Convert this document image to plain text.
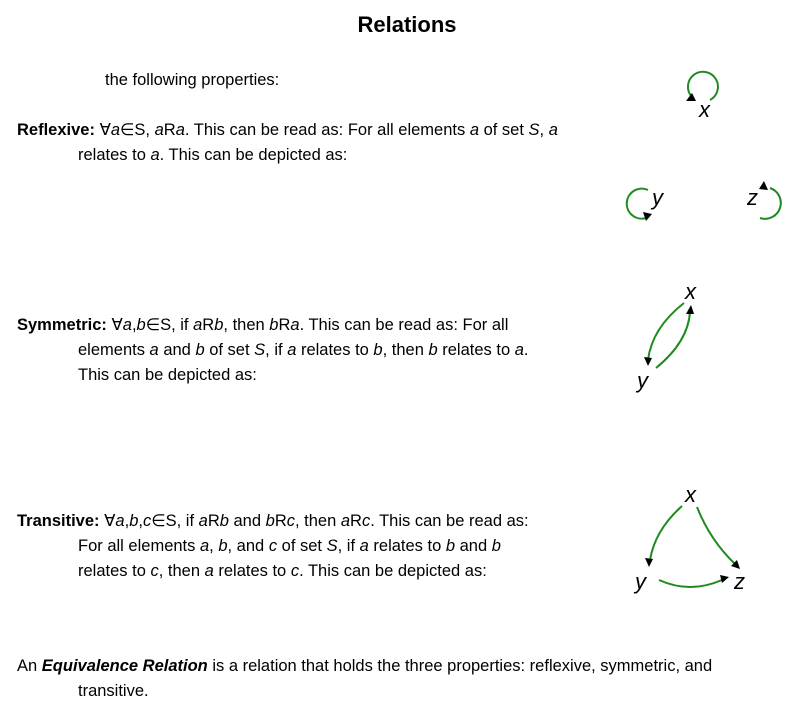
Relations
the following properties:
Reflexive: ∀a∈S, aRa. This can be read as: For all elements a of set S, a
relates to a. This can be depicted as:
x
y	z
Symmetric: ∀a,b∈S, if aRb, then bRa. This can be read as: For all
elements a and b of set S, if a relates to b, then b relates to a.
This can be depicted as:
x
y
Transitive: ∀a,b,c∈S, if aRb and bRc, then aRc. This can be read as:
For all elements a, b, and c of set S, if a relates to b and b
relates to c, then a relates to c. This can be depicted as:
x
y	z
An Equivalence Relation is a relation that holds the three properties: reflexive, symmetric, and
transitive.
